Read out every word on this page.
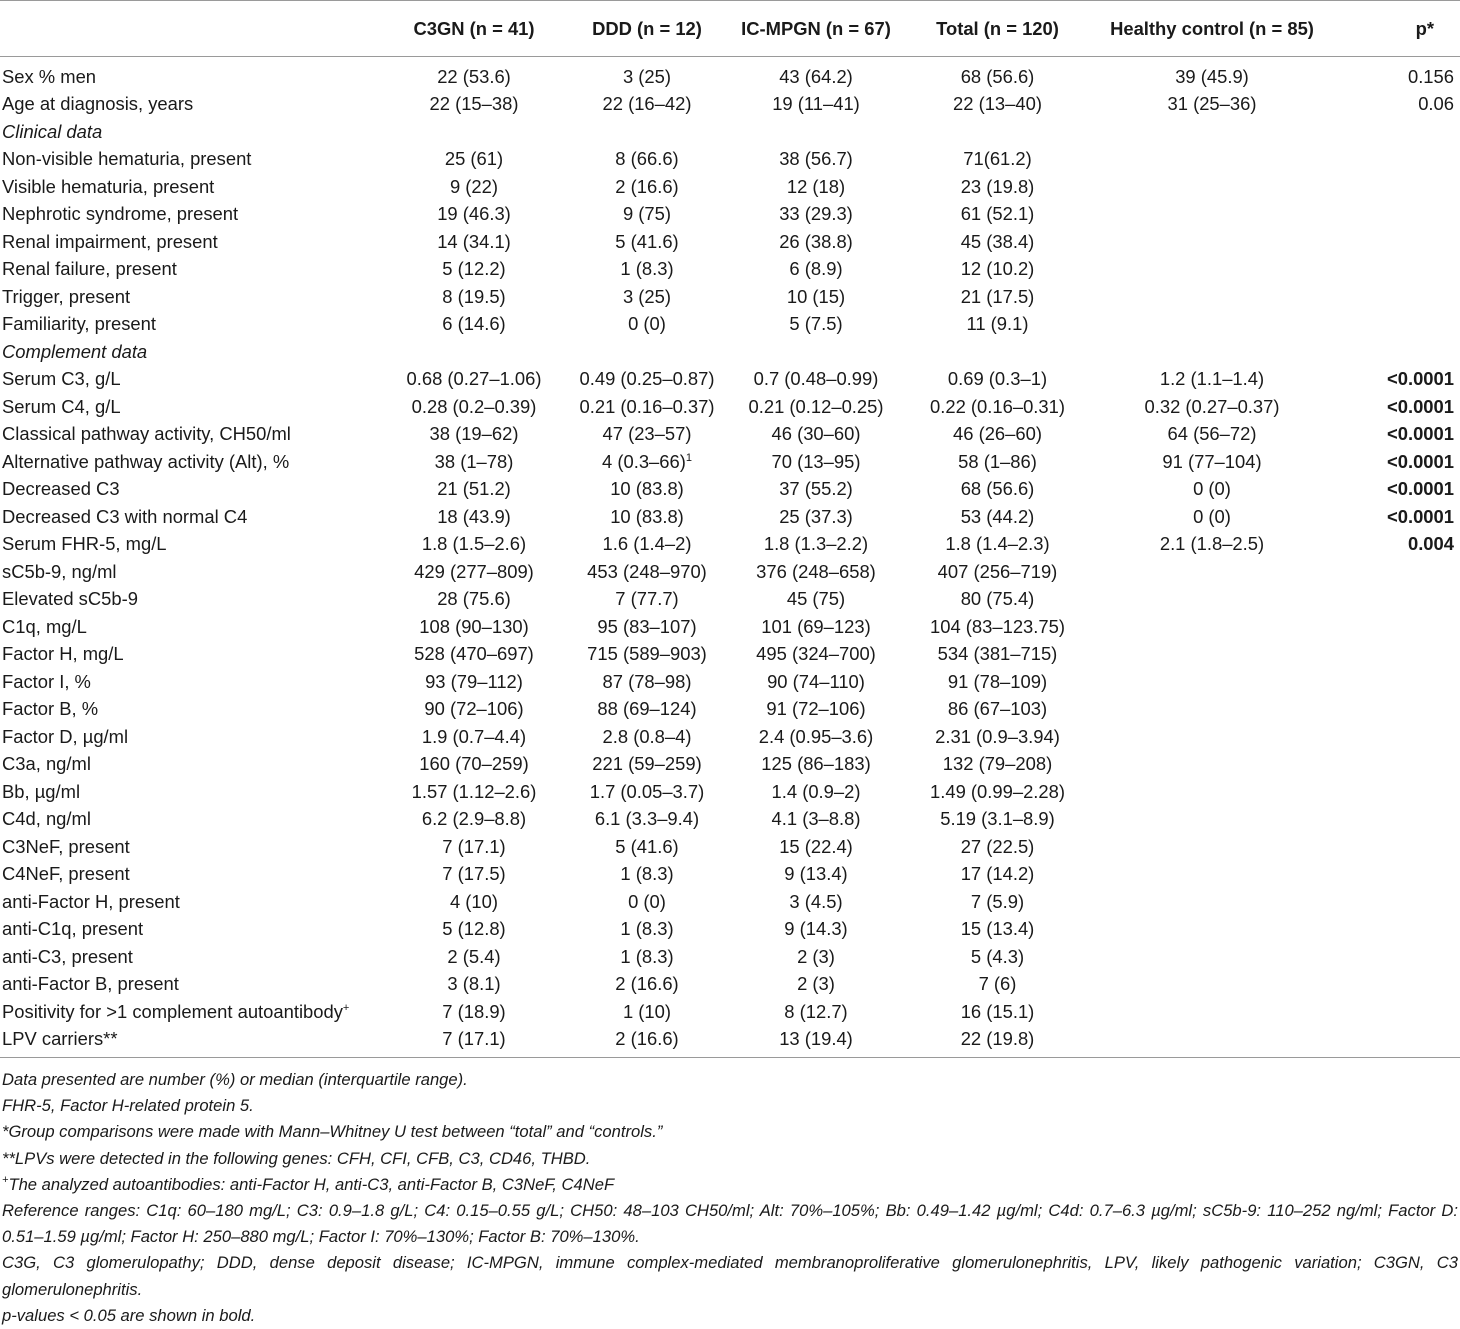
	C3GN (n = 41)	DDD (n = 12)	IC-MPGN (n = 67)	Total (n = 120)	Healthy control (n = 85)	p*

Sex % men	22 (53.6)	3 (25)	43 (64.2)	68 (56.6)	39 (45.9)	0.156
Age at diagnosis, years	22 (15–38)	22 (16–42)	19 (11–41)	22 (13–40)	31 (25–36)	0.06
Clinical data						
Non-visible hematuria, present	25 (61)	8 (66.6)	38 (56.7)	71(61.2)		
Visible hematuria, present	9 (22)	2 (16.6)	12 (18)	23 (19.8)		
Nephrotic syndrome, present	19 (46.3)	9 (75)	33 (29.3)	61 (52.1)		
Renal impairment, present	14 (34.1)	5 (41.6)	26 (38.8)	45 (38.4)		
Renal failure, present	5 (12.2)	1 (8.3)	6 (8.9)	12 (10.2)		
Trigger, present	8 (19.5)	3 (25)	10 (15)	21 (17.5)		
Familiarity, present	6 (14.6)	0 (0)	5 (7.5)	11 (9.1)		
Complement data						
Serum C3, g/L	0.68 (0.27–1.06)	0.49 (0.25–0.87)	0.7 (0.48–0.99)	0.69 (0.3–1)	1.2 (1.1–1.4)	<0.0001
Serum C4, g/L	0.28 (0.2–0.39)	0.21 (0.16–0.37)	0.21 (0.12–0.25)	0.22 (0.16–0.31)	0.32 (0.27–0.37)	<0.0001
Classical pathway activity, CH50/ml	38 (19–62)	47 (23–57)	46 (30–60)	46 (26–60)	64 (56–72)	<0.0001
Alternative pathway activity (Alt), %	38 (1–78)	4 $(0.3-66)^1$	70 (13–95)	58 (1–86)	91 (77–104)	<0.0001
Decreased C3	21 (51.2)	10 (83.8)	37 (55.2)	68 (56.6)	0 (0)	<0.0001
Decreased C3 with normal C4	18 (43.9)	10 (83.8)	25 (37.3)	53 (44.2)	0 (0)	<0.0001
Serum FHR-5, mg/L	1.8 (1.5–2.6)	1.6 (1.4–2)	1.8 (1.3–2.2)	1.8 (1.4–2.3)	2.1 (1.8–2.5)	0.004
sC5b-9, ng/ml	429 (277–809)	453 (248–970)	376 (248–658)	407 (256–719)		
Elevated sC5b-9	28 (75.6)	7 (77.7)	45 (75)	80 (75.4)		
C1q, mg/L	108 (90–130)	95 (83–107)	101 (69–123)	104 (83–123.75)		
Factor H, mg/L	528 (470–697)	715 (589–903)	495 (324–700)	534 (381–715)		
Factor I, %	93 (79–112)	87 (78–98)	90 (74–110)	91 (78–109)		
Factor B, %	90 (72–106)	88 (69–124)	91 (72–106)	86 (67–103)		
Factor D, µg/ml	1.9 (0.7–4.4)	2.8 (0.8–4)	2.4 (0.95–3.6)	2.31 (0.9–3.94)		
C3a, ng/ml	160 (70–259)	221 (59–259)	125 (86–183)	132 (79–208)		
Bb, µg/ml	1.57 (1.12–2.6)	1.7 (0.05–3.7)	1.4 (0.9–2)	1.49 (0.99–2.28)		
C4d, ng/ml	6.2 (2.9–8.8)	6.1 (3.3–9.4)	4.1 (3–8.8)	5.19 (3.1–8.9)		
C3NeF, present	7 (17.1)	5 (41.6)	15 (22.4)	27 (22.5)		
C4NeF, present	7 (17.5)	1 (8.3)	9 (13.4)	17 (14.2)		
anti-Factor H, present	4 (10)	0 (0)	3 (4.5)	7 (5.9)		
anti-C1q, present	5 (12.8)	1 (8.3)	9 (14.3)	15 (13.4)		
anti-C3, present	2 (5.4)	1 (8.3)	2 (3)	5 (4.3)		
anti-Factor B, present	3 (8.1)	2 (16.6)	2 (3)	7 (6)		
Positivity for >1 complement autoantibody+	7 (18.9)	1 (10)	8 (12.7)	16 (15.1)		
LPV carriers**	7 (17.1)	2 (16.6)	13 (19.4)	22 (19.8)		

Data presented are number (%) or median (interquartile range).

FHR-5, Factor H-related protein 5.

*Group comparisons were made with Mann–Whitney U test between “total” and “controls.”

**LPVs were detected in the following genes: CFH, CFI, CFB, C3, CD46, THBD.

+The analyzed autoantibodies: anti-Factor H, anti-C3, anti-Factor B, C3NeF, C4NeF

Reference ranges: C1q: 60–180 mg/L; C3: 0.9–1.8 g/L; C4: 0.15–0.55 g/L; CH50: 48–103 CH50/ml; Alt: 70%–105%; Bb: 0.49–1.42 µg/ml; C4d: 0.7–6.3 µg/ml; sC5b-9: 110–252 ng/ml; Factor D: 0.51–1.59 µg/ml; Factor H: 250–880 mg/L; Factor I: 70%–130%; Factor B: 70%–130%.

C3G, C3 glomerulopathy; DDD, dense deposit disease; IC-MPGN, immune complex-mediated membranoproliferative glomerulonephritis, LPV, likely pathogenic variation; C3GN, C3 glomerulonephritis.

p-values < 0.05 are shown in bold.
